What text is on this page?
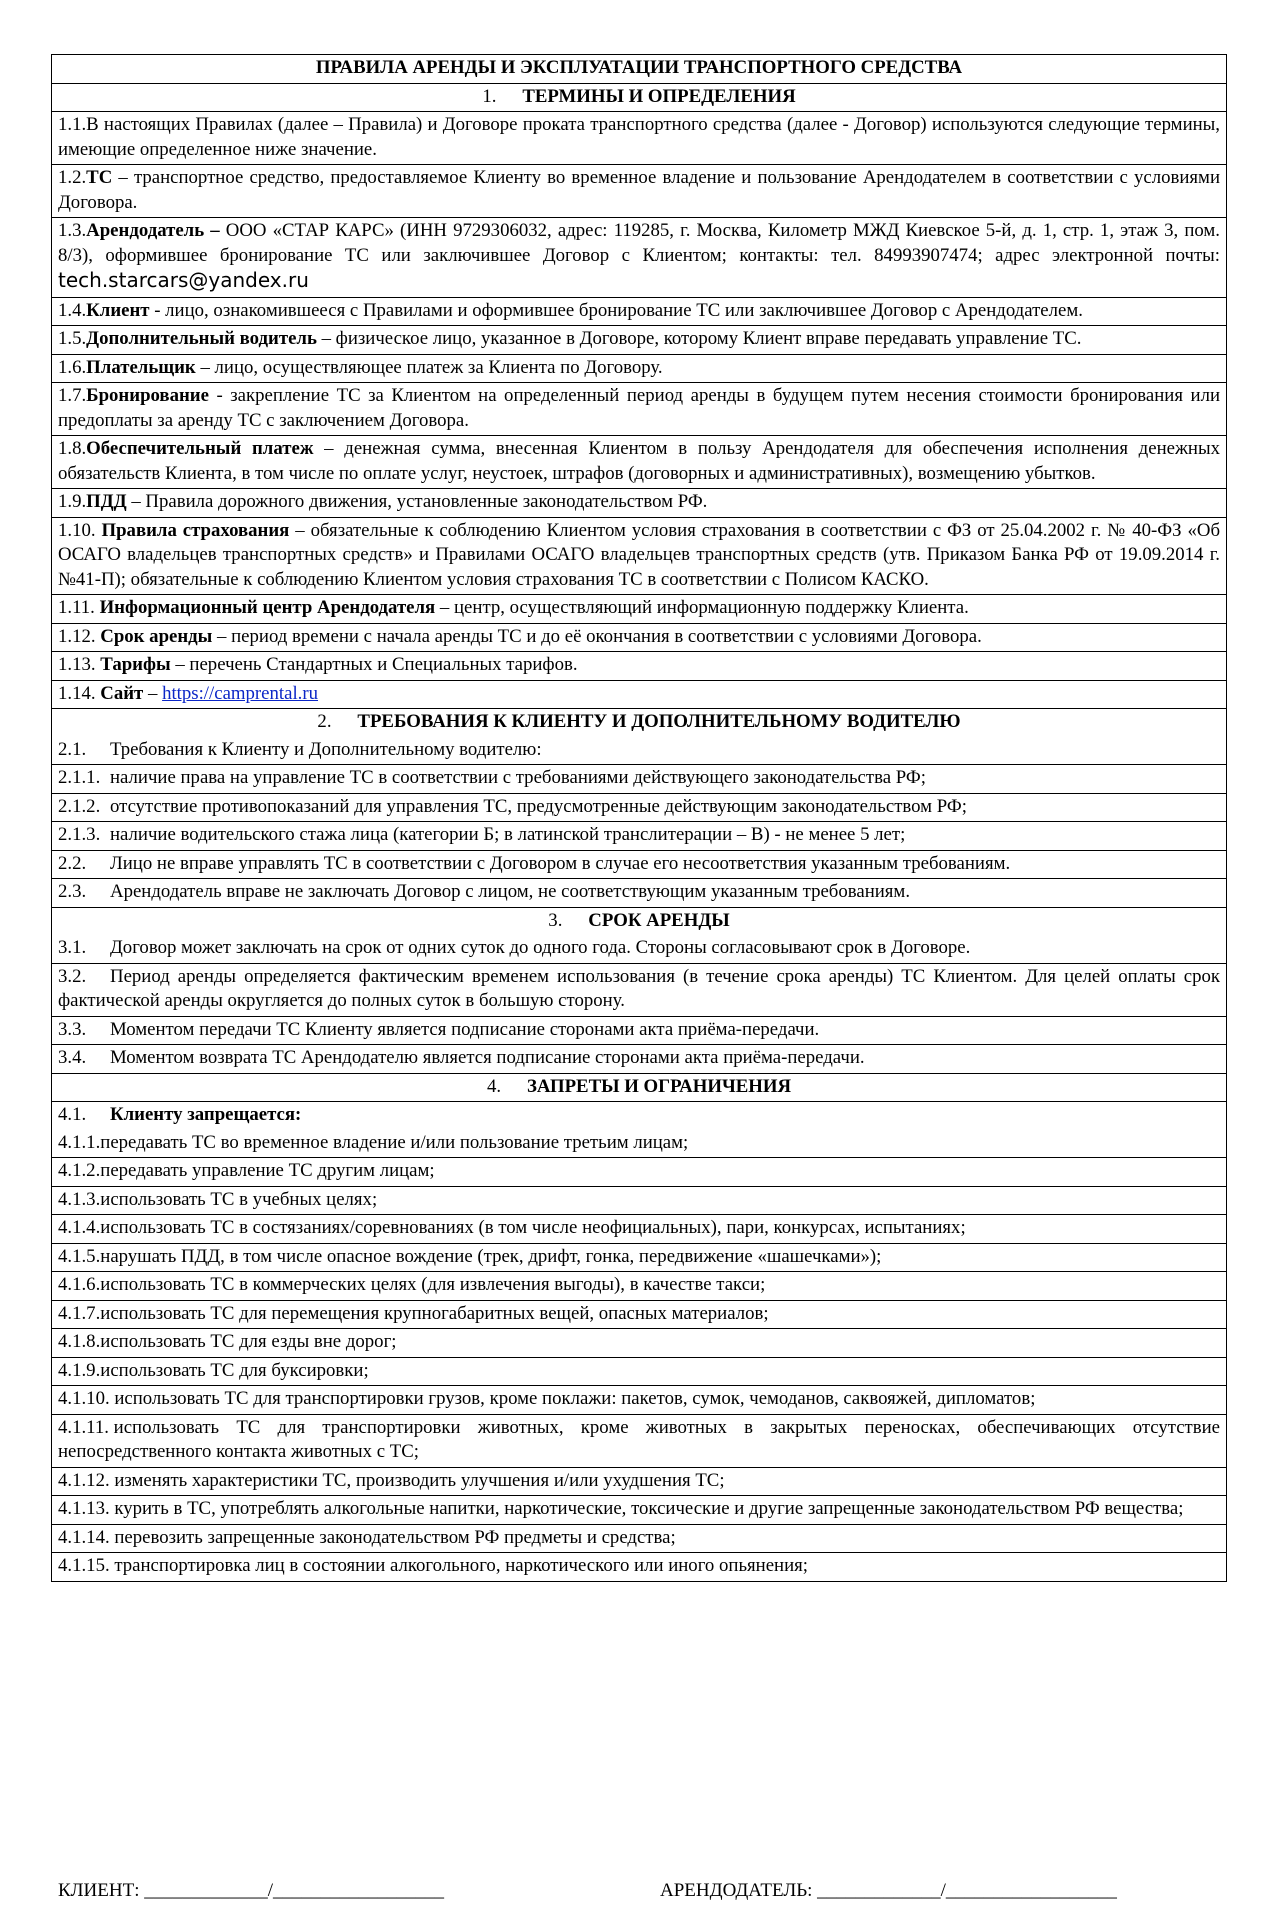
ПРАВИЛА АРЕНДЫ И ЭКСПЛУАТАЦИИ ТРАНСПОРТНОГО СРЕДСТВА
1. ТЕРМИНЫ И ОПРЕДЕЛЕНИЯ
1.1.В настоящих Правилах (далее – Правила) и Договоре проката транспортного средства (далее - Договор) используются следующие термины, имеющие определенное ниже значение.
1.2.ТС – транспортное средство, предоставляемое Клиенту во временное владение и пользование Арендодателем в соответствии с условиями Договора.
1.3.Арендодатель – ООО «СТАР КАРС» (ИНН 9729306032, адрес: 119285, г. Москва, Километр МЖД Киевское 5-й, д. 1, стр. 1, этаж 3, пом. 8/3), оформившее бронирование ТС или заключившее Договор с Клиентом; контакты: тел. 84993907474; адрес электронной почты: tech.starcars@yandex.ru
1.4.Клиент - лицо, ознакомившееся с Правилами и оформившее бронирование ТС или заключившее Договор с Арендодателем.
1.5.Дополнительный водитель – физическое лицо, указанное в Договоре, которому Клиент вправе передавать управление ТС.
1.6.Плательщик – лицо, осуществляющее платеж за Клиента по Договору.
1.7.Бронирование - закрепление ТС за Клиентом на определенный период аренды в будущем путем несения стоимости бронирования или предоплаты за аренду ТС с заключением Договора.
1.8.Обеспечительный платеж – денежная сумма, внесенная Клиентом в пользу Арендодателя для обеспечения исполнения денежных обязательств Клиента, в том числе по оплате услуг, неустоек, штрафов (договорных и административных), возмещению убытков.
1.9.ПДД – Правила дорожного движения, установленные законодательством РФ.
1.10. Правила страхования – обязательные к соблюдению Клиентом условия страхования в соответствии с ФЗ от 25.04.2002 г. № 40-ФЗ «Об ОСАГО владельцев транспортных средств» и Правилами ОСАГО владельцев транспортных средств (утв. Приказом Банка РФ от 19.09.2014 г. №41-П); обязательные к соблюдению Клиентом условия страхования ТС в соответствии с Полисом КАСКО.
1.11. Информационный центр Арендодателя – центр, осуществляющий информационную поддержку Клиента.
1.12. Срок аренды – период времени с начала аренды ТС и до её окончания в соответствии с условиями Договора.
1.13. Тарифы – перечень Стандартных и Специальных тарифов.
1.14. Сайт – https://camprental.ru
2. ТРЕБОВАНИЯ К КЛИЕНТУ И ДОПОЛНИТЕЛЬНОМУ ВОДИТЕЛЮ
2.1. Требования к Клиенту и Дополнительному водителю:
2.1.1. наличие права на управление ТС в соответствии с требованиями действующего законодательства РФ;
2.1.2. отсутствие противопоказаний для управления ТС, предусмотренные действующим законодательством РФ;
2.1.3. наличие водительского стажа лица (категории Б; в латинской транслитерации – B) - не менее 5 лет;
2.2. Лицо не вправе управлять ТС в соответствии с Договором в случае его несоответствия указанным требованиям.
2.3. Арендодатель вправе не заключать Договор с лицом, не соответствующим указанным требованиям.
3. СРОК АРЕНДЫ
3.1. Договор может заключать на срок от одних суток до одного года. Стороны согласовывают срок в Договоре.
3.2. Период аренды определяется фактическим временем использования (в течение срока аренды) ТС Клиентом. Для целей оплаты срок фактической аренды округляется до полных суток в большую сторону.
3.3. Моментом передачи ТС Клиенту является подписание сторонами акта приёма-передачи.
3.4. Моментом возврата ТС Арендодателю является подписание сторонами акта приёма-передачи.
4. ЗАПРЕТЫ И ОГРАНИЧЕНИЯ
4.1. Клиенту запрещается:
4.1.1.передавать ТС во временное владение и/или пользование третьим лицам;
4.1.2.передавать управление ТС другим лицам;
4.1.3.использовать ТС в учебных целях;
4.1.4.использовать ТС в состязаниях/соревнованиях (в том числе неофициальных), пари, конкурсах, испытаниях;
4.1.5.нарушать ПДД, в том числе опасное вождение (трек, дрифт, гонка, передвижение «шашечками»);
4.1.6.использовать ТС в коммерческих целях (для извлечения выгоды), в качестве такси;
4.1.7.использовать ТС для перемещения крупногабаритных вещей, опасных материалов;
4.1.8.использовать ТС для езды вне дорог;
4.1.9.использовать ТС для буксировки;
4.1.10. использовать ТС для транспортировки грузов, кроме поклажи: пакетов, сумок, чемоданов, саквояжей, дипломатов;
4.1.11. использовать ТС для транспортировки животных, кроме животных в закрытых переносках, обеспечивающих отсутствие непосредственного контакта животных с ТС;
4.1.12. изменять характеристики ТС, производить улучшения и/или ухудшения ТС;
4.1.13. курить в ТС, употреблять алкогольные напитки, наркотические, токсические и другие запрещенные законодательством РФ вещества;
4.1.14. перевозить запрещенные законодательством РФ предметы и средства;
4.1.15. транспортировка лиц в состоянии алкогольного, наркотического или иного опьянения;
КЛИЕНТ: _____________/__________________	АРЕНДОДАТЕЛЬ: _____________/__________________
